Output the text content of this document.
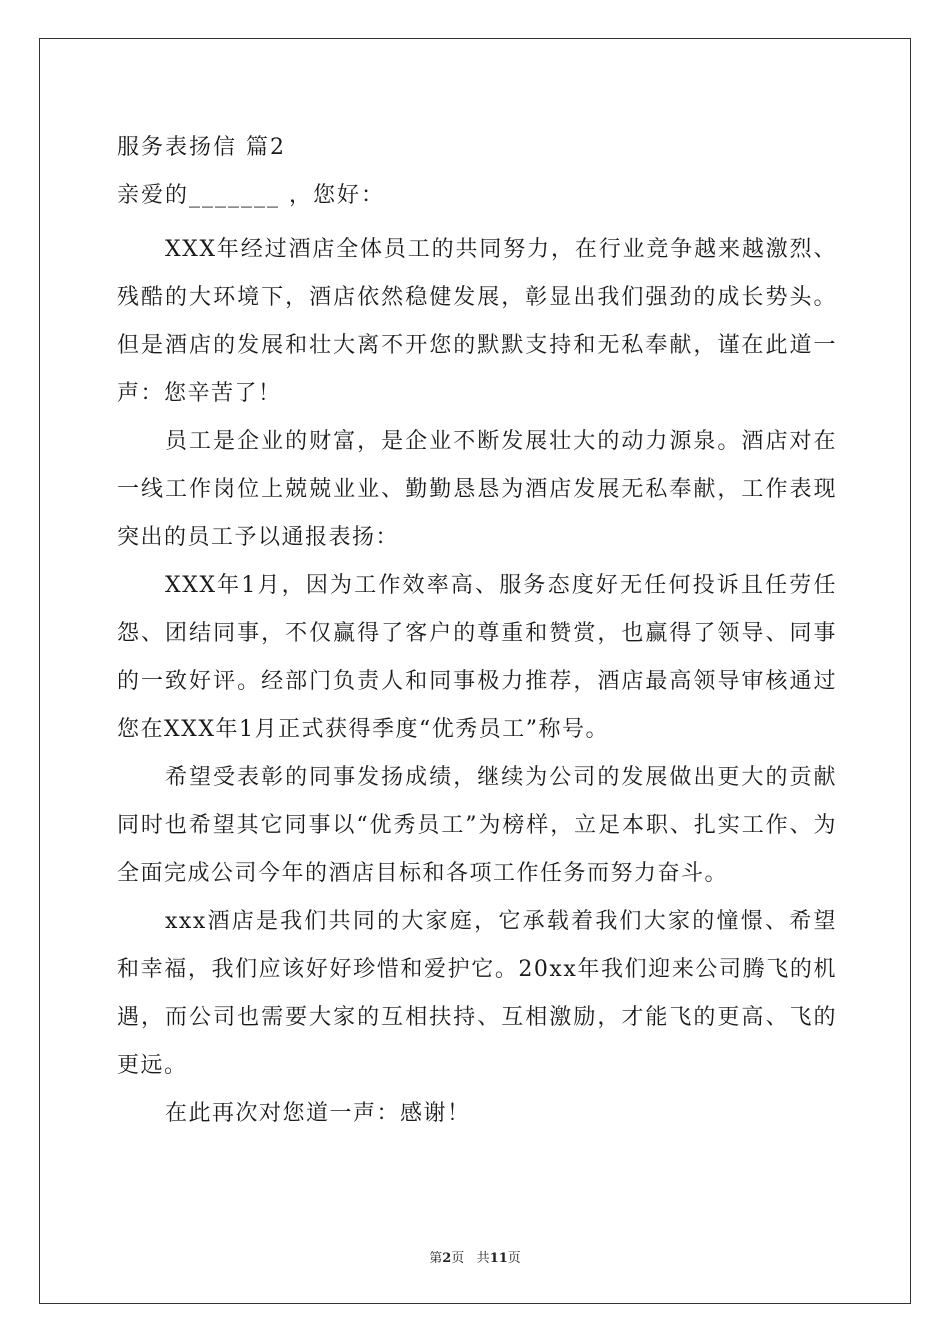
服务表扬信 篇2

亲爱的_______ ，您好：

XXX年经过酒店全体员工的共同努力，在行业竞争越来越激烈、残酷的大环境下，酒店依然稳健发展，彰显出我们强劲的成长势头。但是酒店的发展和壮大离不开您的默默支持和无私奉献，谨在此道一声：您辛苦了！

员工是企业的财富，是企业不断发展壮大的动力源泉。酒店对在一线工作岗位上兢兢业业、勤勤恳恳为酒店发展无私奉献，工作表现突出的员工予以通报表扬：

XXX年1月，因为工作效率高、服务态度好无任何投诉且任劳任怨、团结同事，不仅赢得了客户的尊重和赞赏，也赢得了领导、同事的一致好评。经部门负责人和同事极力推荐，酒店最高领导审核通过您在XXX年1月正式获得季度“优秀员工”称号。

希望受表彰的同事发扬成绩，继续为公司的发展做出更大的贡献同时也希望其它同事以“优秀员工”为榜样，立足本职、扎实工作、为全面完成公司今年的酒店目标和各项工作任务而努力奋斗。

xxx酒店是我们共同的大家庭，它承载着我们大家的憧憬、希望和幸福，我们应该好好珍惜和爱护它。20xx年我们迎来公司腾飞的机遇，而公司也需要大家的互相扶持、互相激励，才能飞的更高、飞的更远。

在此再次对您道一声：感谢！

第2页 共11页
